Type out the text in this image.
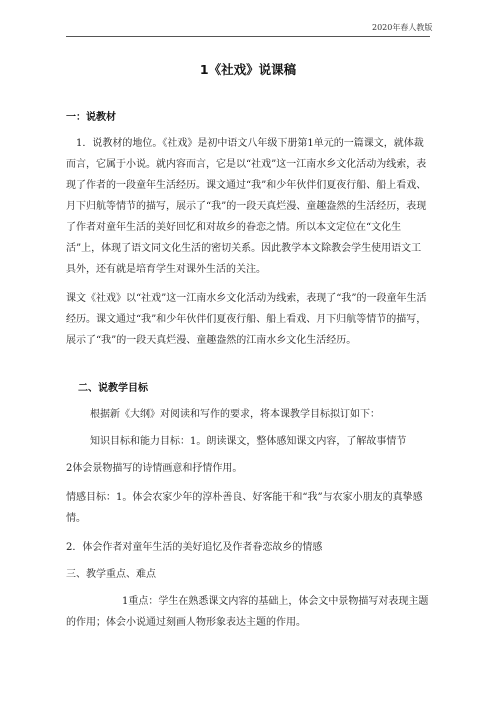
2020年春人教版
1《社戏》说课稿
一：说教材

1．说教材的地位。《社戏》是初中语文八年级下册第1单元的一篇课文，就体裁而言，它属于小说。就内容而言，它是以“社戏”这一江南水乡文化活动为线索，表现了作者的一段童年生活经历。课文通过“我”和少年伙伴们夏夜行船、船上看戏、月下归航等情节的描写，展示了“我”的一段天真烂漫、童趣盎然的生活经历，表现了作者对童年生活的美好回忆和对故乡的眷恋之情。所以本文定位在“文化生活”上，体现了语文同文化生活的密切关系。因此教学本文除教会学生使用语文工具外，还有就是培育学生对课外生活的关注。

课文《社戏》以“社戏”这一江南水乡文化活动为线索，表现了“我”的一段童年生活经历。课文通过“我”和少年伙伴们夏夜行船、船上看戏、月下归航等情节的描写，展示了“我”的一段天真烂漫、童趣盎然的江南水乡文化生活经历。

二、说教学目标

根据新《大纲》对阅读和写作的要求，将本课教学目标拟订如下：

知识目标和能力目标：1。朗读课文，整体感知课文内容，了解故事情节

2体会景物描写的诗情画意和抒情作用。

情感目标：1。体会农家少年的淳朴善良、好客能干和“我”与农家小朋友的真挚感情。

2．体会作者对童年生活的美好追忆及作者眷恋故乡的情感

三、教学重点、难点

1重点：学生在熟悉课文内容的基础上，体会文中景物描写对表现主题的作用；体会小说通过刻画人物形象表达主题的作用。
